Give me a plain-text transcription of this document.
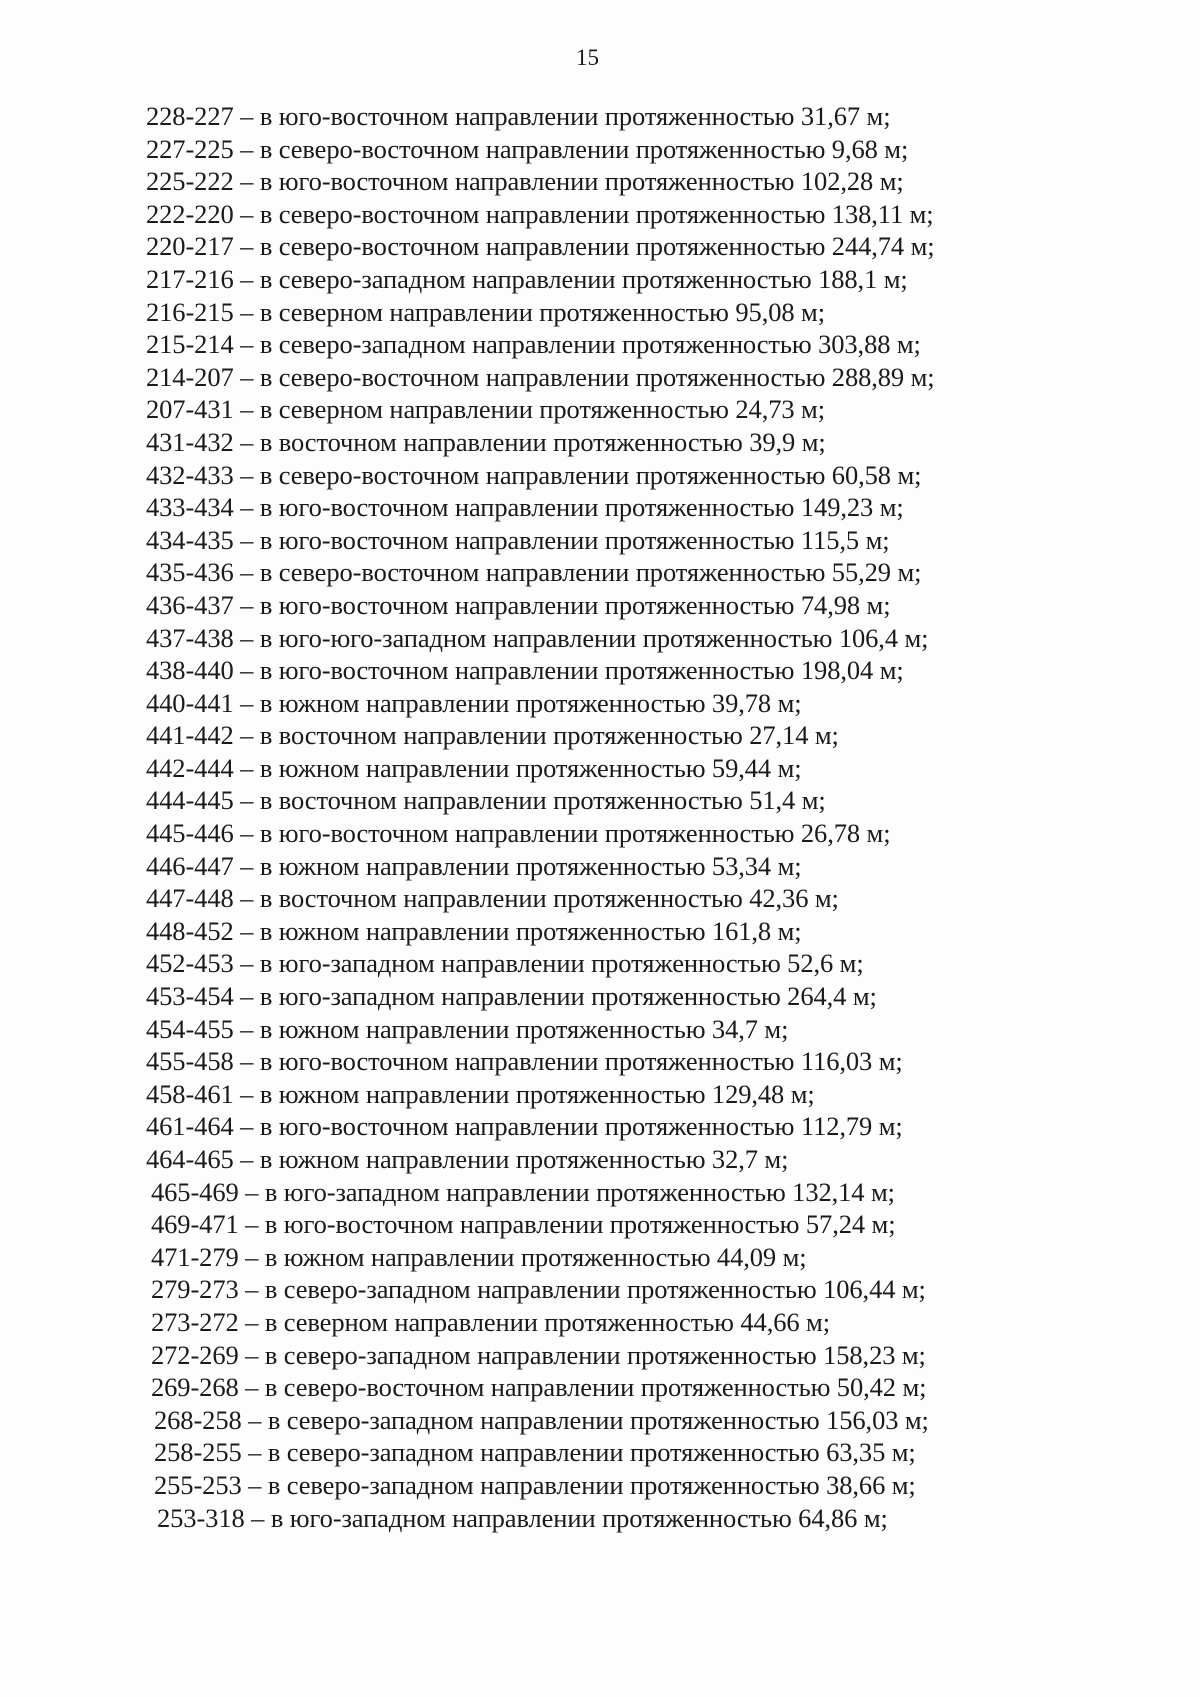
15
228-227 – в юго-восточном направлении протяженностью 31,67 м;
227-225 – в северо-восточном направлении протяженностью 9,68 м;
225-222 – в юго-восточном направлении протяженностью 102,28 м;
222-220 – в северо-восточном направлении протяженностью 138,11 м;
220-217 – в северо-восточном направлении протяженностью 244,74 м;
217-216 – в северо-западном направлении протяженностью 188,1 м;
216-215 – в северном направлении протяженностью 95,08 м;
215-214 – в северо-западном направлении протяженностью 303,88 м;
214-207 – в северо-восточном направлении протяженностью 288,89 м;
207-431 – в северном направлении протяженностью 24,73 м;
431-432 – в восточном направлении протяженностью 39,9 м;
432-433 – в северо-восточном направлении протяженностью 60,58 м;
433-434 – в юго-восточном направлении протяженностью 149,23 м;
434-435 – в юго-восточном направлении протяженностью 115,5 м;
435-436 – в северо-восточном направлении протяженностью 55,29 м;
436-437 – в юго-восточном направлении протяженностью 74,98 м;
437-438 – в юго-юго-западном направлении протяженностью 106,4 м;
438-440 – в юго-восточном направлении протяженностью 198,04 м;
440-441 – в южном направлении протяженностью 39,78 м;
441-442 – в восточном направлении протяженностью 27,14 м;
442-444 – в южном направлении протяженностью 59,44 м;
444-445 – в восточном направлении протяженностью 51,4 м;
445-446 – в юго-восточном направлении протяженностью 26,78 м;
446-447 – в южном направлении протяженностью 53,34 м;
447-448 – в восточном направлении протяженностью 42,36 м;
448-452 – в южном направлении протяженностью 161,8 м;
452-453 – в юго-западном направлении протяженностью 52,6 м;
453-454 – в юго-западном направлении протяженностью 264,4 м;
454-455 – в южном направлении протяженностью 34,7 м;
455-458 – в юго-восточном направлении протяженностью 116,03 м;
458-461 – в южном направлении протяженностью 129,48 м;
461-464 – в юго-восточном направлении протяженностью 112,79 м;
464-465 – в южном направлении протяженностью 32,7 м;
465-469 – в юго-западном направлении протяженностью 132,14 м;
469-471 – в юго-восточном направлении протяженностью 57,24 м;
471-279 – в южном направлении протяженностью 44,09 м;
279-273 – в северо-западном направлении протяженностью 106,44 м;
273-272 – в северном направлении протяженностью 44,66 м;
272-269 – в северо-западном направлении протяженностью 158,23 м;
269-268 – в северо-восточном направлении протяженностью 50,42 м;
268-258 – в северо-западном направлении протяженностью 156,03 м;
258-255 – в северо-западном направлении протяженностью 63,35 м;
255-253 – в северо-западном направлении протяженностью 38,66 м;
253-318 – в юго-западном направлении протяженностью 64,86 м;
